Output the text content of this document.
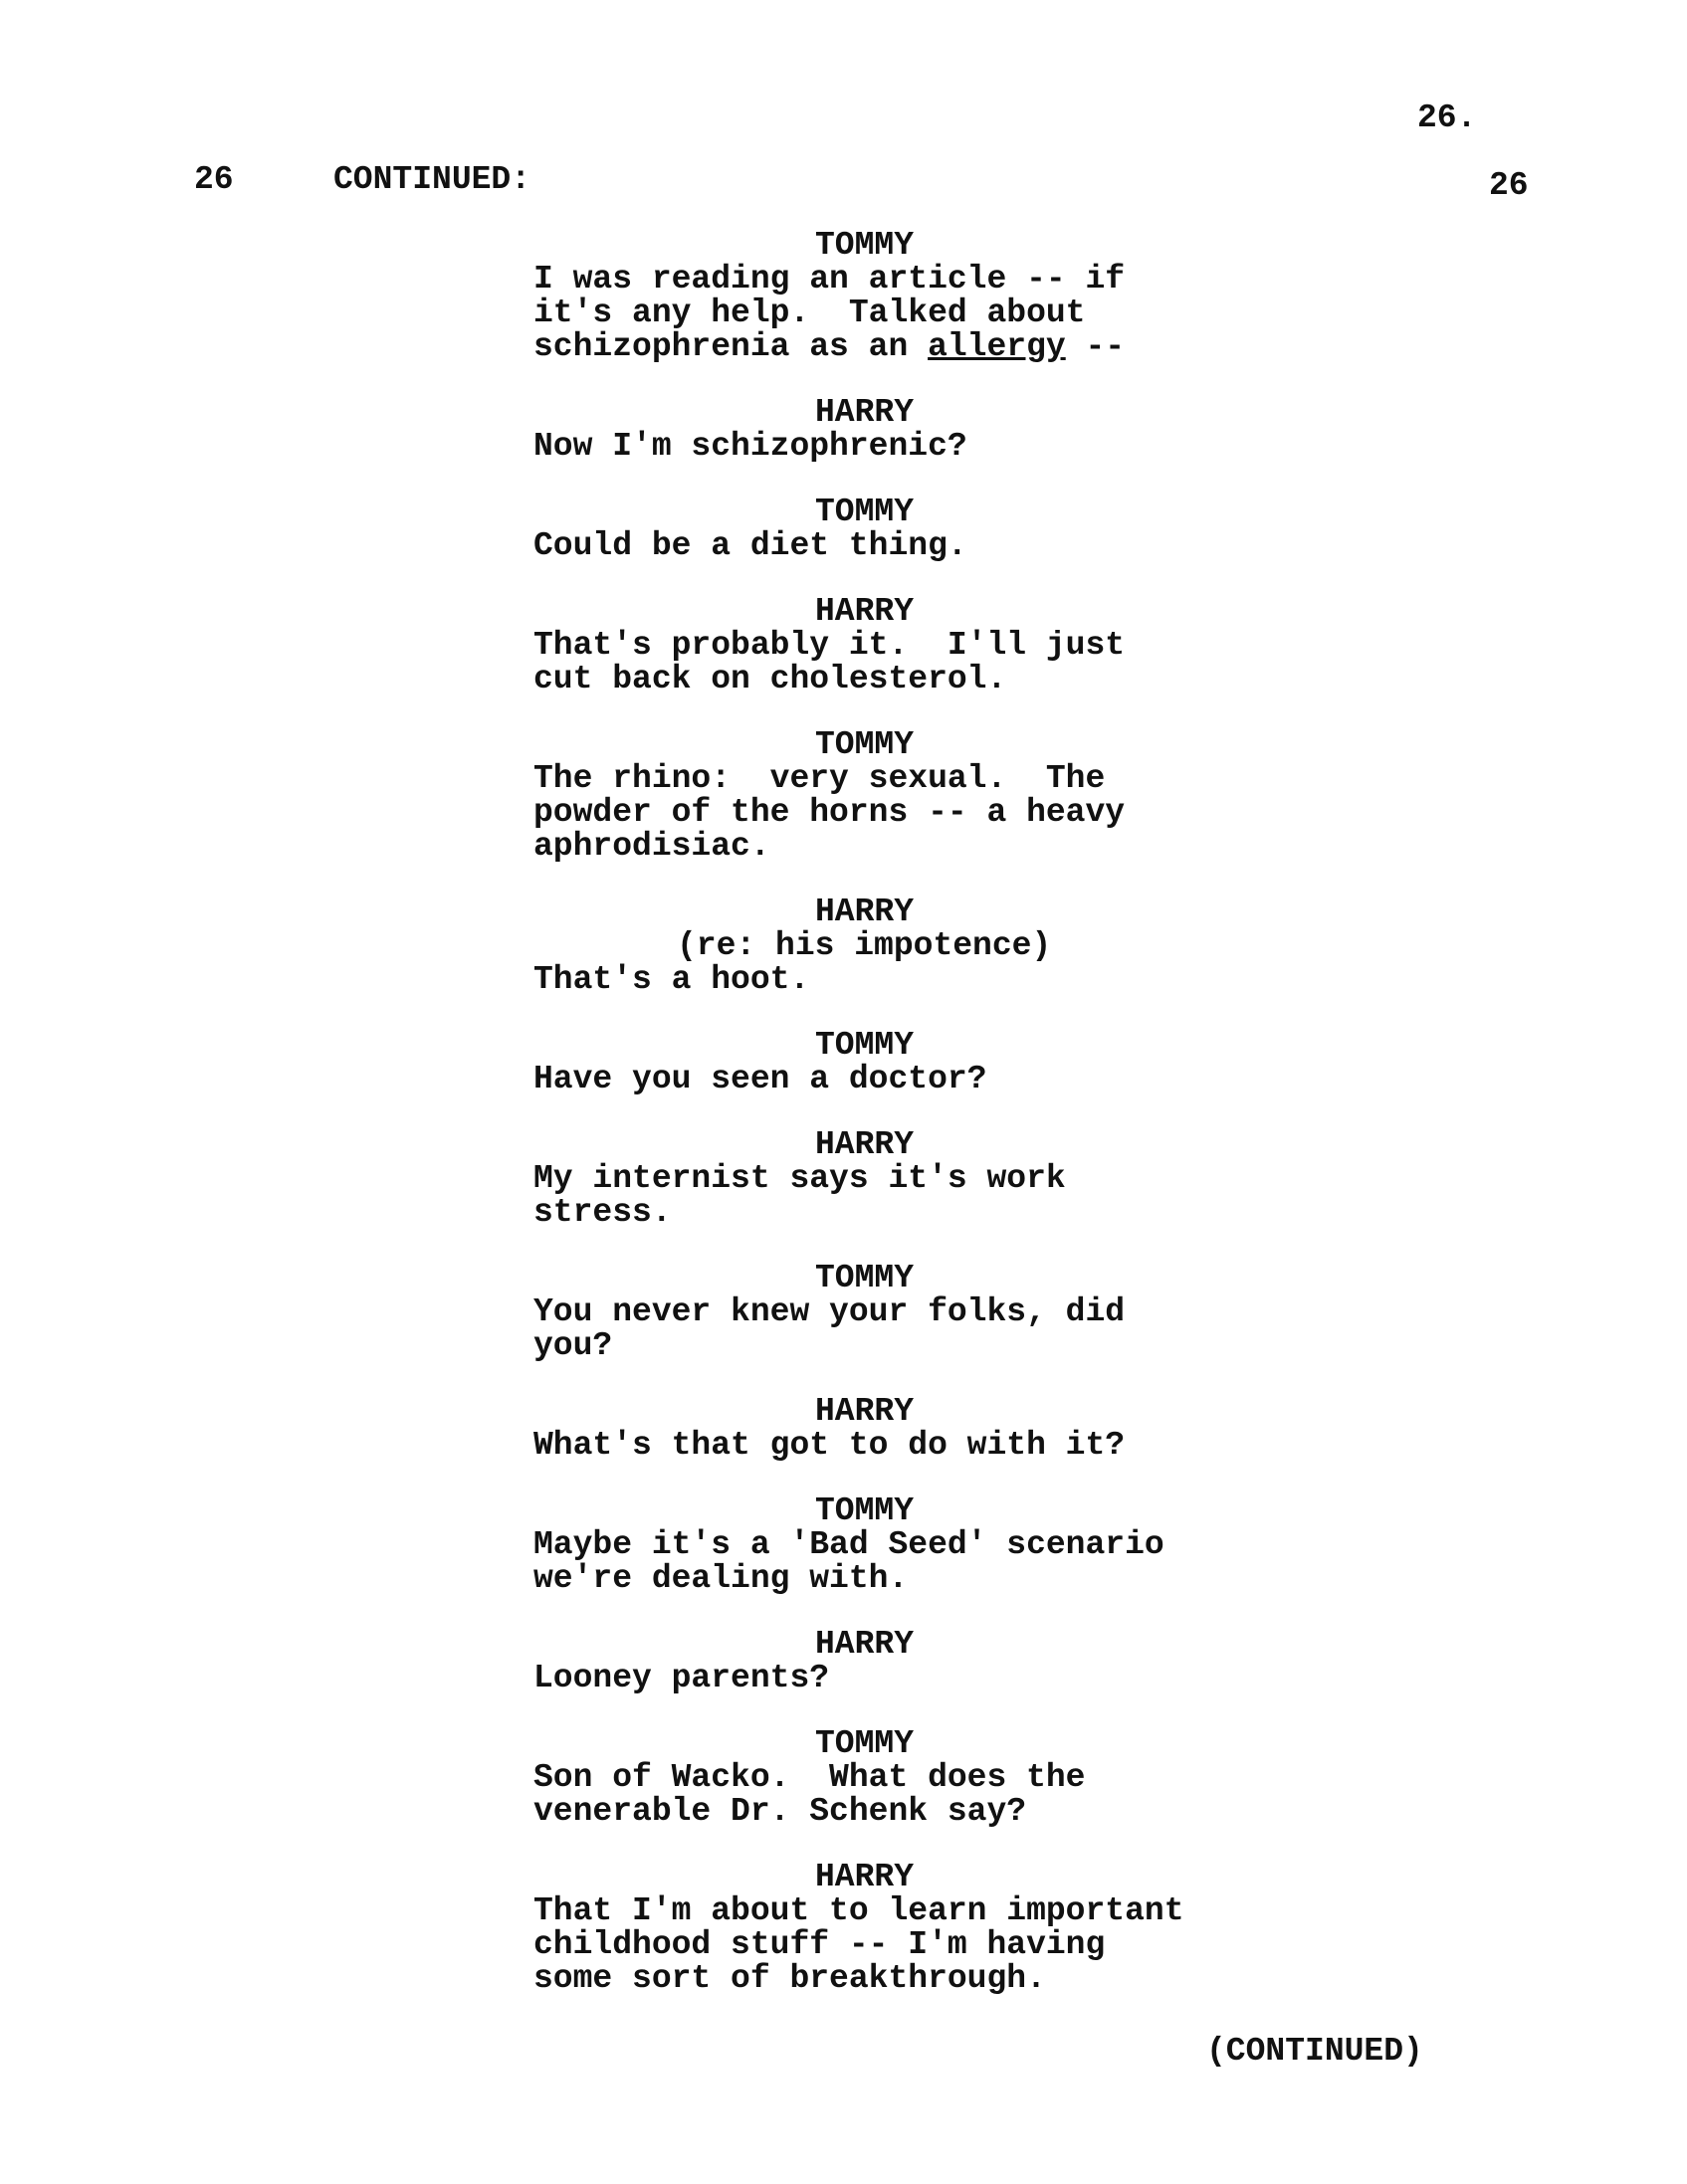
26.
26	CONTINUED:	26
TOMMY
I was reading an article -- if
it's any help.  Talked about
schizophrenia as an allergy --
HARRY
Now I'm schizophrenic?
TOMMY
Could be a diet thing.
HARRY
That's probably it.  I'll just
cut back on cholesterol.
TOMMY
The rhino:  very sexual.  The
powder of the horns -- a heavy
aphrodisiac.
HARRY
(re: his impotence)
That's a hoot.
TOMMY
Have you seen a doctor?
HARRY
My internist says it's work
stress.
TOMMY
You never knew your folks, did
you?
HARRY
What's that got to do with it?
TOMMY
Maybe it's a 'Bad Seed' scenario
we're dealing with.
HARRY
Looney parents?
TOMMY
Son of Wacko.  What does the
venerable Dr. Schenk say?
HARRY
That I'm about to learn important
childhood stuff -- I'm having
some sort of breakthrough.
(CONTINUED)
